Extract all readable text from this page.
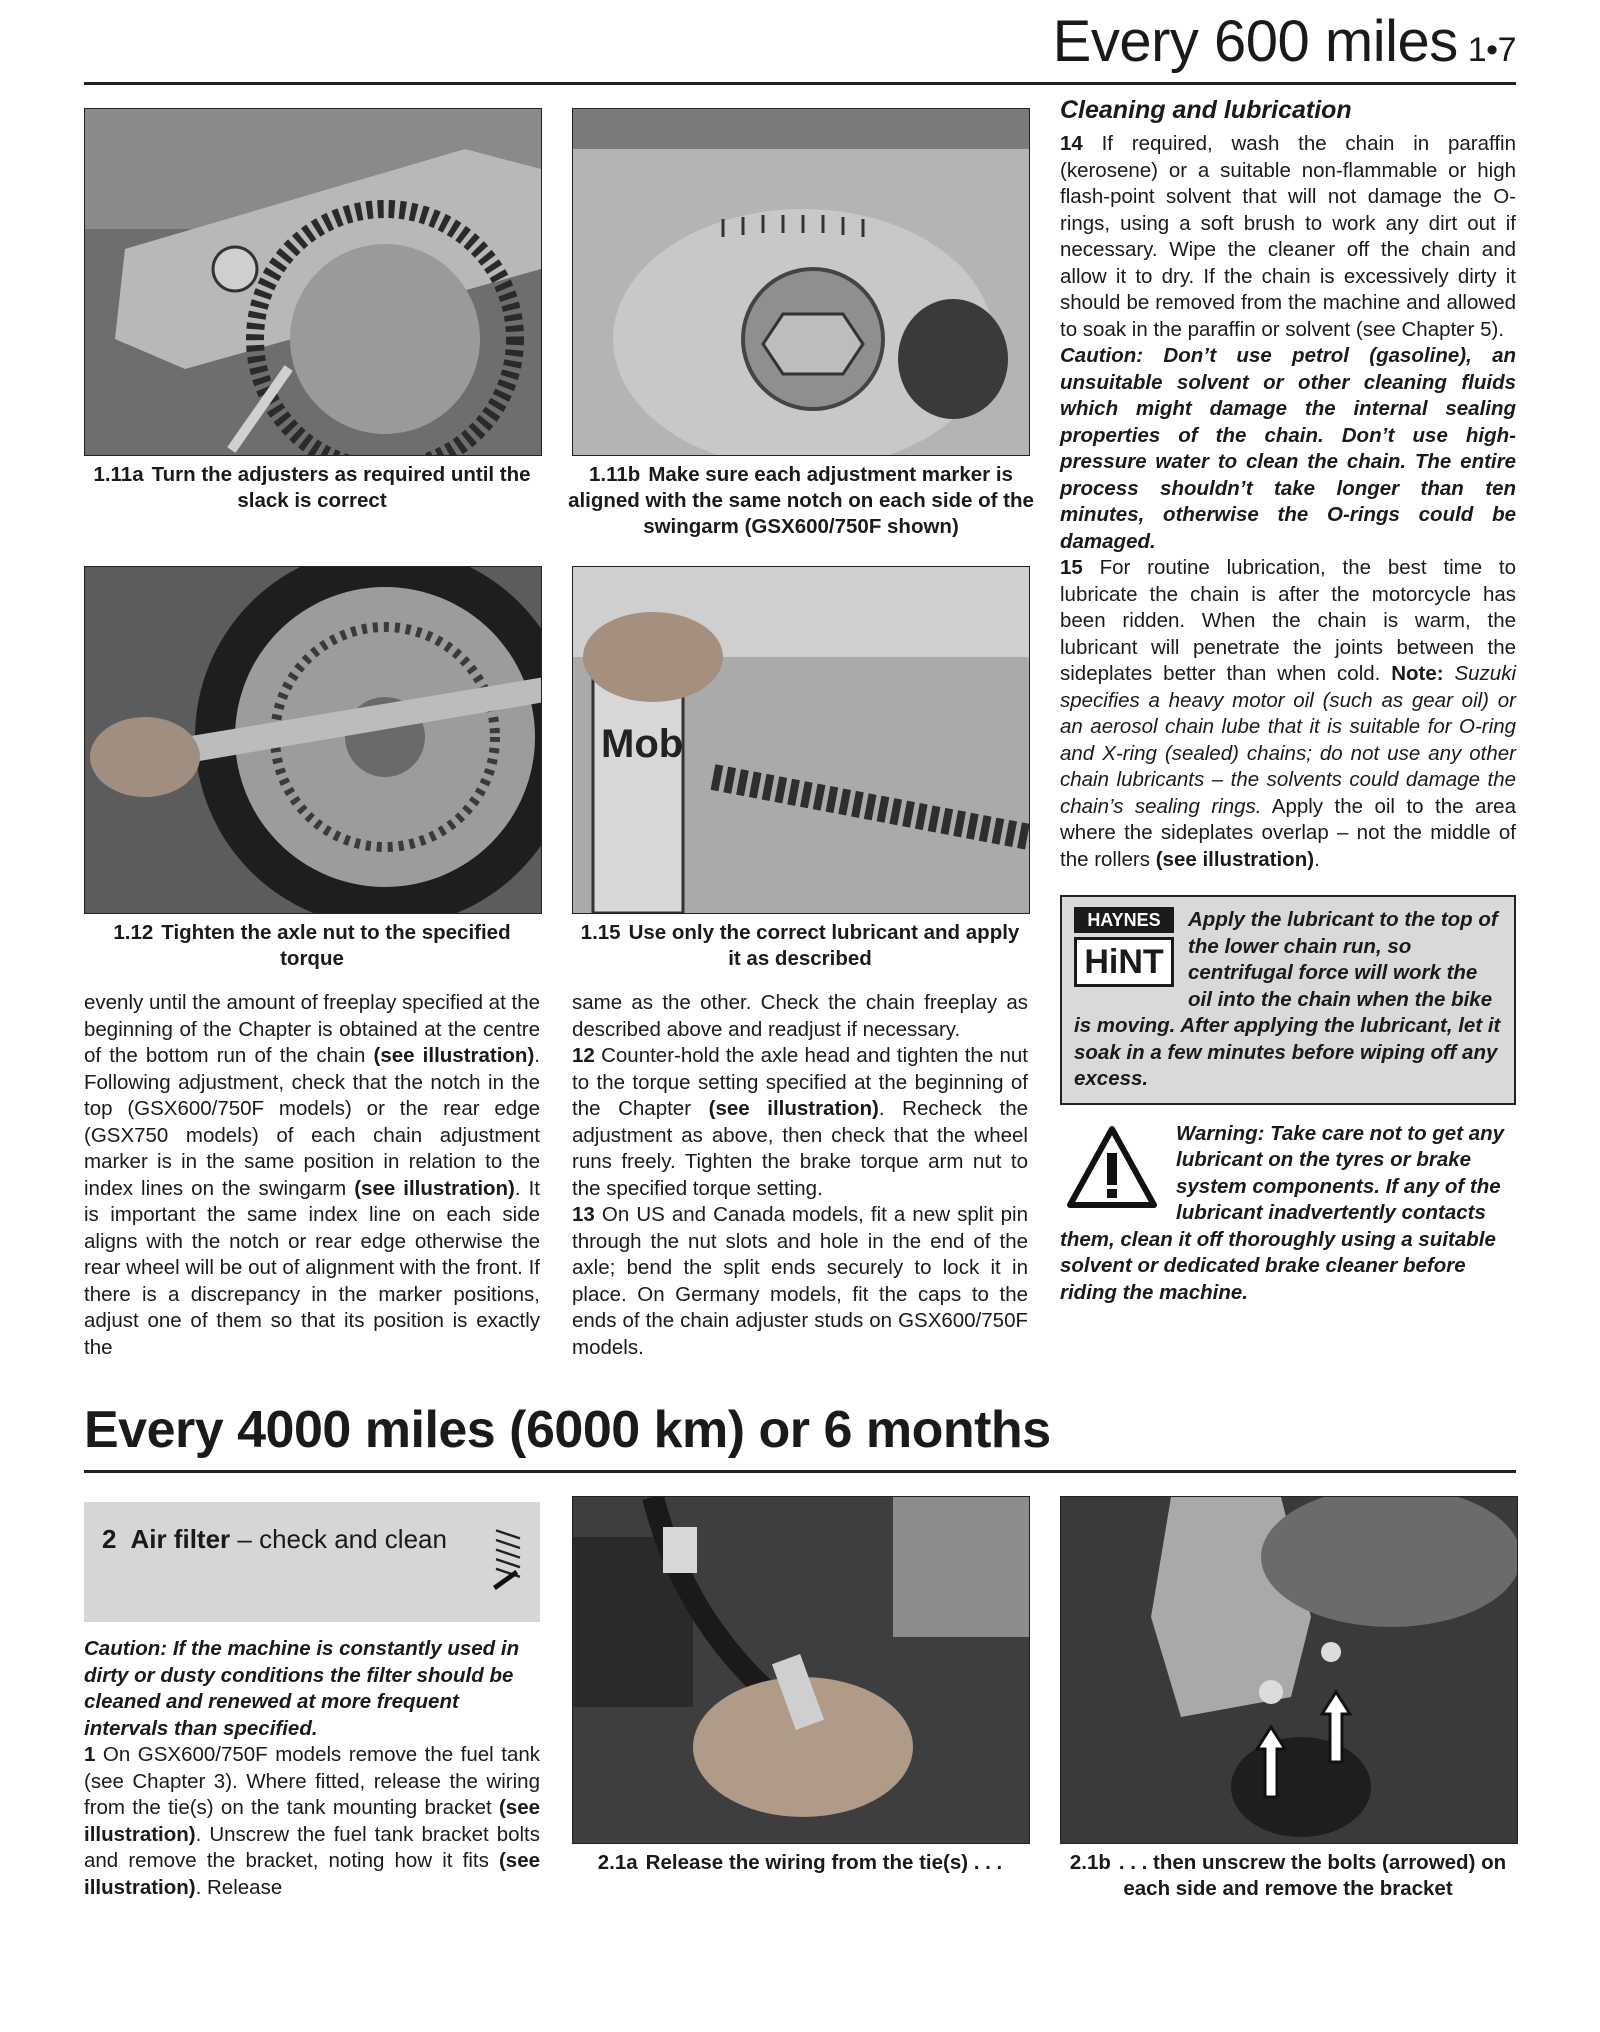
Every 600 miles 1•7
1.11a Turn the adjusters as required until the slack is correct
1.11b Make sure each adjustment marker is aligned with the same notch on each side of the swingarm (GSX600/750F shown)
1.12 Tighten the axle nut to the specified torque
Mob
1.15 Use only the correct lubricant and apply it as described

evenly until the amount of freeplay specified at the beginning of the Chapter is obtained at the centre of the bottom run of the chain (see illustration). Following adjustment, check that the notch in the top (GSX600/750F models) or the rear edge (GSX750 models) of each chain adjustment marker is in the same position in relation to the index lines on the swingarm (see illustration). It is important the same index line on each side aligns with the notch or rear edge otherwise the rear wheel will be out of alignment with the front. If there is a discrepancy in the marker positions, adjust one of them so that its position is exactly the

same as the other. Check the chain freeplay as described above and readjust if necessary.

12 Counter-hold the axle head and tighten the nut to the torque setting specified at the beginning of the Chapter (see illustration). Recheck the adjustment as above, then check that the wheel runs freely. Tighten the brake torque arm nut to the specified torque setting.

13 On US and Canada models, fit a new split pin through the nut slots and hole in the end of the axle; bend the split ends securely to lock it in place. On Germany models, fit the caps to the ends of the chain adjuster studs on GSX600/750F models.

Cleaning and lubrication

14 If required, wash the chain in paraffin (kerosene) or a suitable non-flammable or high flash-point solvent that will not damage the O-rings, using a soft brush to work any dirt out if necessary. Wipe the cleaner off the chain and allow it to dry. If the chain is excessively dirty it should be removed from the machine and allowed to soak in the paraffin or solvent (see Chapter 5).

Caution: Don’t use petrol (gasoline), an unsuitable solvent or other cleaning fluids which might damage the internal sealing properties of the chain. Don’t use high-pressure water to clean the chain. The entire process shouldn’t take longer than ten minutes, otherwise the O-rings could be damaged.

15 For routine lubrication, the best time to lubricate the chain is after the motorcycle has been ridden. When the chain is warm, the lubricant will penetrate the joints between the sideplates better than when cold. Note: Suzuki specifies a heavy motor oil (such as gear oil) or an aerosol chain lube that it is suitable for O-ring and X-ring (sealed) chains; do not use any other chain lubricants – the solvents could damage the chain’s sealing rings. Apply the oil to the area where the sideplates overlap – not the middle of the rollers (see illustration).

HAYNES
HiNT
Apply the lubricant to the top of the lower chain run, so centrifugal force will work the oil into the chain when the bike is moving. After applying the lubricant, let it soak in a few minutes before wiping off any excess.
Warning: Take care not to get any lubricant on the tyres or brake system components. If any of the lubricant inadvertently contacts them, clean it off thoroughly using a suitable solvent or dedicated brake cleaner before riding the machine.
Every 4000 miles (6000 km) or 6 months
2 Air filter – check and clean

Caution: If the machine is constantly used in dirty or dusty conditions the filter should be cleaned and renewed at more frequent intervals than specified.

1 On GSX600/750F models remove the fuel tank (see Chapter 3). Where fitted, release the wiring from the tie(s) on the tank mounting bracket (see illustration). Unscrew the fuel tank bracket bolts and remove the bracket, noting how it fits (see illustration). Release

2.1a Release the wiring from the tie(s) . . .	2.1b . . . then unscrew the bolts (arrowed) on each side and remove the bracket
